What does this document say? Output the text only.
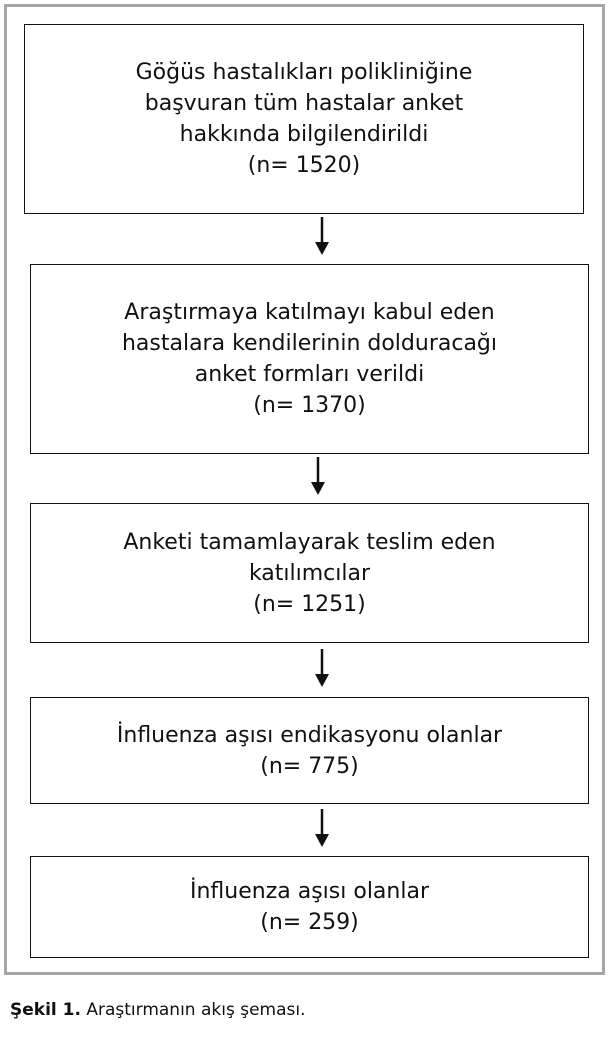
Göğüs hastalıkları polikliniğine
başvuran tüm hastalar anket
hakkında bilgilendirildi
(n= 1520)
Araştırmaya katılmayı kabul eden
hastalara kendilerinin dolduracağı
anket formları verildi
(n= 1370)
Anketi tamamlayarak teslim eden
katılımcılar
(n= 1251)
İnfluenza aşısı endikasyonu olanlar
(n= 775)
İnfluenza aşısı olanlar
(n= 259)
Şekil 1. Araştırmanın akış şeması.
